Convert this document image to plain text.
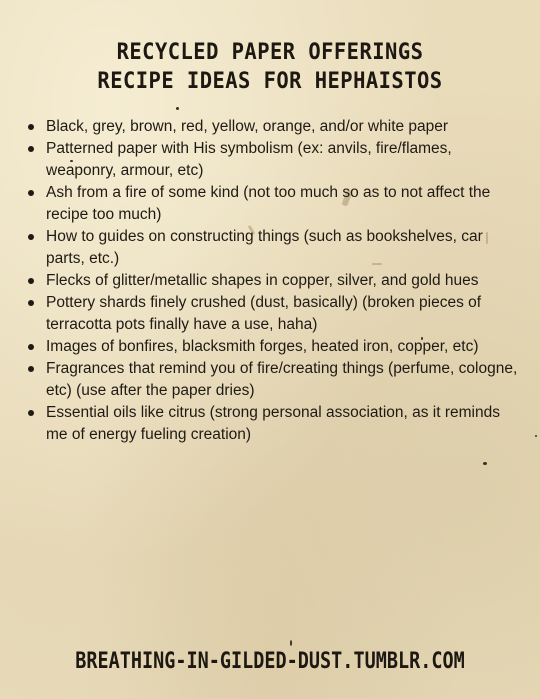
RECYCLED PAPER OFFERINGS
RECIPE IDEAS FOR HEPHAISTOS
Black, grey, brown, red, yellow, orange, and/or white paper
Patterned paper with His symbolism (ex: anvils, fire/flames, weaponry, armour, etc)
Ash from a fire of some kind (not too much so as to not affect the recipe too much)
How to guides on constructing things (such as bookshelves, car parts, etc.)
Flecks of glitter/metallic shapes in copper, silver, and gold hues
Pottery shards finely crushed (dust, basically) (broken pieces of terracotta pots finally have a use, haha)
Images of bonfires, blacksmith forges, heated iron, copper, etc)
Fragrances that remind you of fire/creating things (perfume, cologne, etc) (use after the paper dries)
Essential oils like citrus (strong personal association, as it reminds me of energy fueling creation)
BREATHING-IN-GILDED-DUST.TUMBLR.COM
